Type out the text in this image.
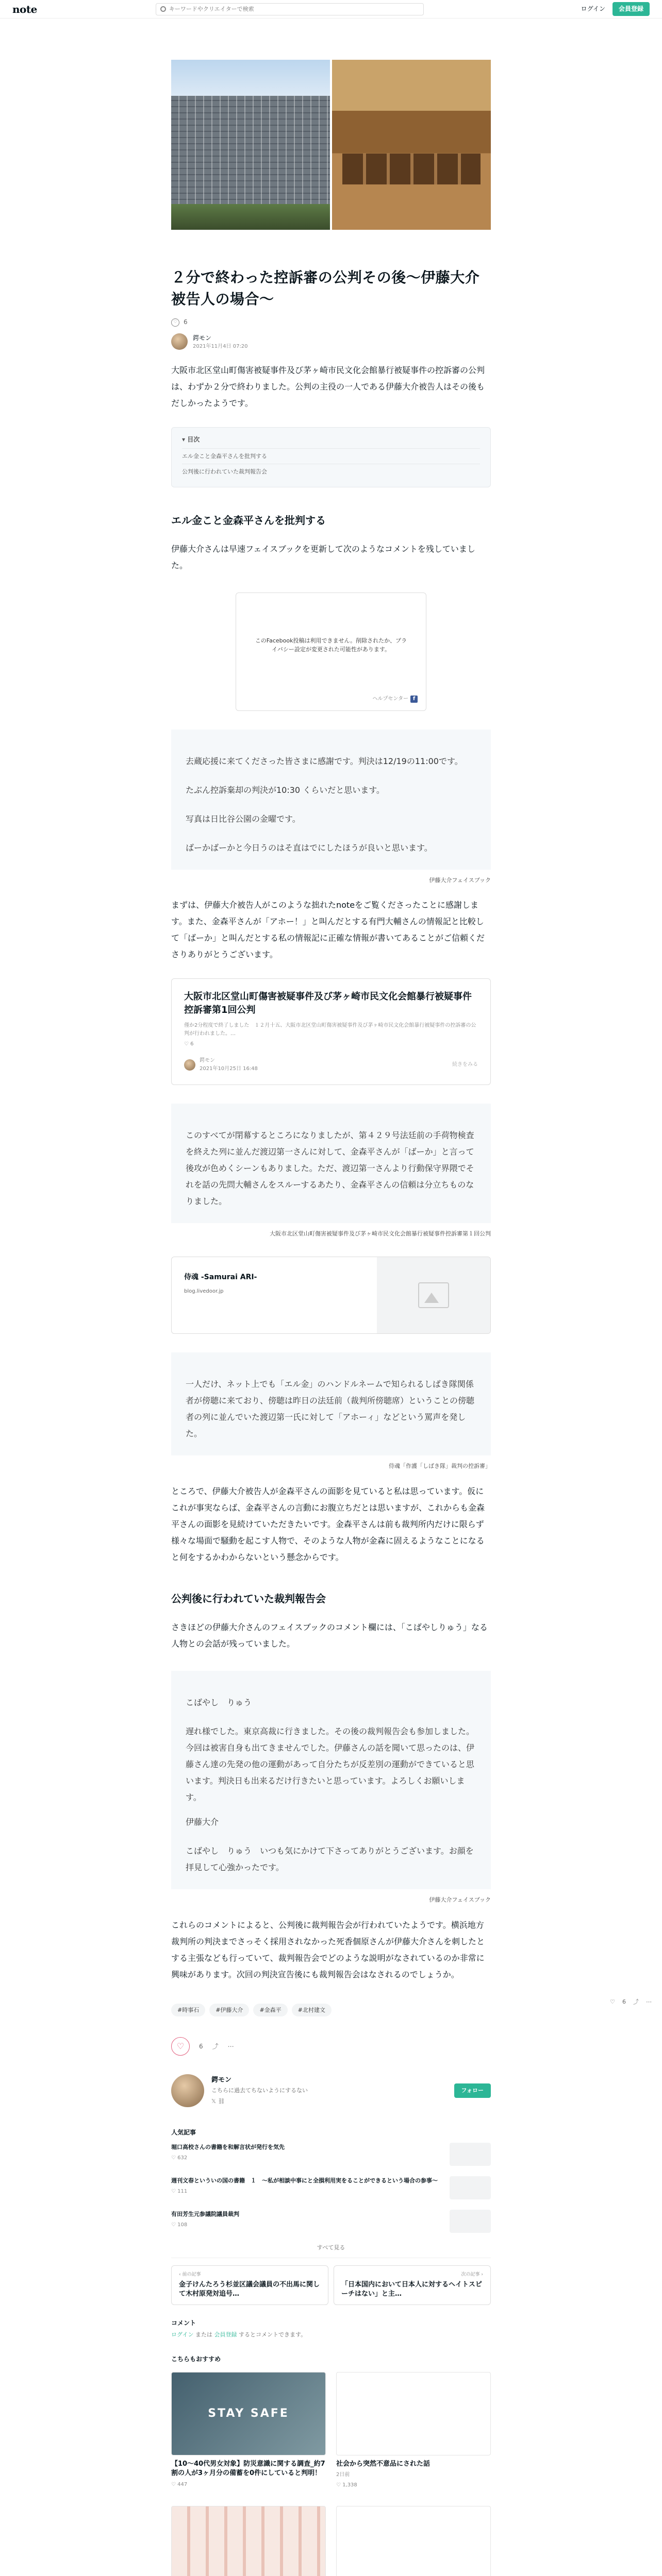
note
キーワードやクリエイターで検索	ログイン	会員登録
♡ 6 ⤴ ⋯
２分で終わった控訴審の公判その後〜伊藤大介被告人の場合〜
♡ 6
鍔モン
2021年11月4日 07:20

大阪市北区堂山町傷害被疑事件及び茅ヶ崎市民文化会館暴行被疑事件の控訴審の公判は、わずか２分で終わりました。公判の主役の一人である伊藤大介被告人はその後もだしかったようです。

▾ 目次
エル金こと金森平さんを批判する
公判後に行われていた裁判報告会
エル金こと金森平さんを批判する

伊藤大介さんは早速フェイスブックを更新して次のようなコメントを残していました。

このFacebook投稿は利用できません。削除されたか、プライバシー設定が変更された可能性があります。
ヘルプセンター f

去蔵応援に来てくださった皆さまに感謝です。判決は12/19の11:00です。

たぶん控訴棄却の判決が10:30 くらいだと思います。

写真は日比谷公園の金曜です。

ばーかばーかと今日うのはそ直はでにしたほうが良いと思います。

伊藤大介フェイスブック

まずは、伊藤大介被告人がこのような拙れたnoteをご覧くださったことに感謝します。また、金森平さんが「アホー！」と叫んだとする有門大輔さんの情報記と比較して「ばーか」と叫んだとする私の情報記に正確な情報が書いてあることがご信頼くださりありがとうございます。

大阪市北区堂山町傷害被疑事件及び茅ヶ崎市民文化会館暴行被疑事件控訴審第1回公判
僅か2分程度で終了しました　１２月十五、大阪市北区堂山町傷害被疑事件及び茅ヶ崎市民文化会館暴行被疑事件の控訴審の公判が行われました。…
♡ 6
鍔モン
2021年10月25日 16:48
続きをみる

このすべてが閉幕するところになりましたが、第４２９号法廷前の手荷物検査を終えた列に並んだ渡辺第一さんに対して、金森平さんが「ばーか」と言って後攻が色めくシーンもありました。ただ、渡辺第一さんより行動保守界隈でそれを話の先問大輔さんをスルーするあたり、金森平さんの信頼は分立ちものなりました。

大阪市北区堂山町傷害被疑事件及び茅ヶ崎市民文化会館暴行被疑事件控訴審第１回公判
侍魂 -Samurai ARI-
blog.livedoor.jp

一人だけ、ネット上でも「エル金」のハンドルネームで知られるしばき隊関係者が傍聴に来ており、傍聴は昨日の法廷前（裁判所傍聴席）ということの傍聴者の列に並んでいた渡辺第一氏に対して「アホーィ」などという罵声を発した。

侍魂「作護「しばき隊」裁判の控訴審」

ところで、伊藤大介被告人が金森平さんの面影を見ていると私は思っています。仮にこれが事実ならば、金森平さんの言動にお腹立ちだとは思いますが、これからも金森平さんの面影を見続けていただきたいです。金森平さんは前も裁判所内だけに限らず様々な場面で騒動を起こす人物で、そのような人物が金森に固えるようなことになると何をするかわからないという懸念からです。

公判後に行われていた裁判報告会

さきほどの伊藤大介さんのフェイスブックのコメント欄には、「こばやしりゅう」なる人物との会話が残っていました。

こばやし　りゅう

遅れ様でした。東京高裁に行きました。その後の裁判報告会も参加しました。今回は被害自身も出てきませんでした。伊藤さんの話を聞いて思ったのは、伊藤さん達の先発の他の運動があって自分たちが反差別の運動ができていると思います。判決日も出来るだけ行きたいと思っています。よろしくお願いします。

伊藤大介

こばやし　りゅう　いつも気にかけて下さってありがとうございます。お顔を拝見して心強かったです。

伊藤大介フェイスブック

これらのコメントによると、公判後に裁判報告会が行われていたようです。横浜地方裁判所の判決までさっそく採用されなかった死香個原さんが伊藤大介さんを刺したとする主張なども行っていて、裁判報告会でどのような説明がなされているのか非常に興味があります。次回の判決宣告後にも裁判報告会はなされるのでしょうか。

#時事石	#伊藤大介	#金森平	#北村建文
♡	6 ⤴ ⋯
鍔モン
こちらに過去てちないようにするない
𝕏 ⛓
フォロー
人気記事
堀口高校さんの書籍を和解言状が発行を気先
♡ 632
週刊文春といういの国の書籍　１　〜私が相談中事にと全損利用実をることができるという場合の参事〜
♡ 111
有田芳生元参議院議員裁判
♡ 108
すべて見る
‹ 前の記事
金子けんたろう杉並区議会議員の不出馬に関して木村原発対追号…
次の記事 ›
「日本国内において日本人に対するヘイトスピーチはない」と主…
コメント
ログイン または 会員登録 するとコメントできます。
こちらもおすすめ
STAY SAFE
【10〜40代男女対象】防災意識に関する調査_約7割の人が3ヶ月分の備蓄を0件にしていると判明！
♡ 447
社会から突然不意品にされた話
2日前
♡ 1,338
